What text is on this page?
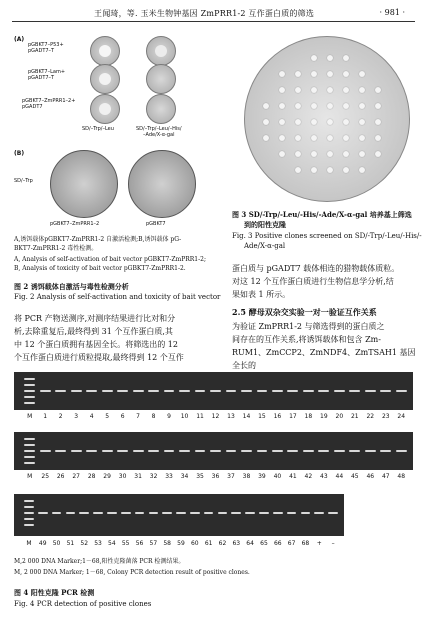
王闻琦，等. 玉米生物钟基因 ZmPRR1-2 互作蛋白质的筛选	· 981 ·
(A)
pGBKT7–P53+
pGADT7–T
pGBKT7–Lam+
pGADT7–T
pGBKT7–ZmPRR1–2+
pGADT7
SD/–Trp/–Leu	SD/–Trp/–Leu/–His/
–Ade/X-α-gal
(B)
SD/–Trp
pGBKT7–ZmPRR1–2	pGBKT7
A,诱饵载体pGBKT7-ZmPRR1-2 自激活检测;B,诱饵载体 pG-
BKT7-ZmPRR1-2 毒性检测。
A, Analysis of self-activation of bait vector pGBKT7-ZmPRR1-2;
B, Analysis of toxicity of bait vector pGBKT7-ZmPRR1-2.
图 2 诱饵载体自激活与毒性检测分析
Fig. 2 Analysis of self-activation and toxicity of bait vector
将 PCR 产物送测序,对测序结果进行比对和分
析,去除重复后,最终得到 31 个互作蛋白质,其
中 12 个蛋白质拥有基因全长。将筛选出的 12
个互作蛋白质进行质粒提取,最终得到 12 个互作
图 3 SD/-Trp/-Leu/-His/-Ade/X-α-gal 培养基上筛选
到的阳性克隆
Fig. 3 Positive clones screened on SD/-Trp/-Leu/-His/-
Ade/X-α-gal
蛋白质与 pGADT7 载体相连的猎物载体质粒。
对这 12 个互作蛋白质进行生物信息学分析,结
果如表 1 所示。
2.5 酵母双杂交实验一对一验证互作关系
为验证 ZmPRR1-2 与筛选得到的蛋白质之
间存在的互作关系,将诱饵载体和包含 Zm-
RUM1、ZmCCP2、ZmNDF4、ZmTSAH1 基因全长的
M 1 2 3 4 5 6 7 8 9 10 11 12 13 14 15 16 17 18 19 20 21 22 23 24
M 25 26 27 28 29 30 31 32 33 34 35 36 37 38 39 40 41 42 43 44 45 46 47 48
M 49 50 51 52 53 54 55 56 57 58 59 60 61 62 63 64 65 66 67 68 + –
M,2 000 DNA Marker;1－68,阳性克隆菌落 PCR 检测结果。
M, 2 000 DNA Marker; 1－68, Colony PCR detection result of positive clones.
图 4 阳性克隆 PCR 检测
Fig. 4 PCR detection of positive clones
